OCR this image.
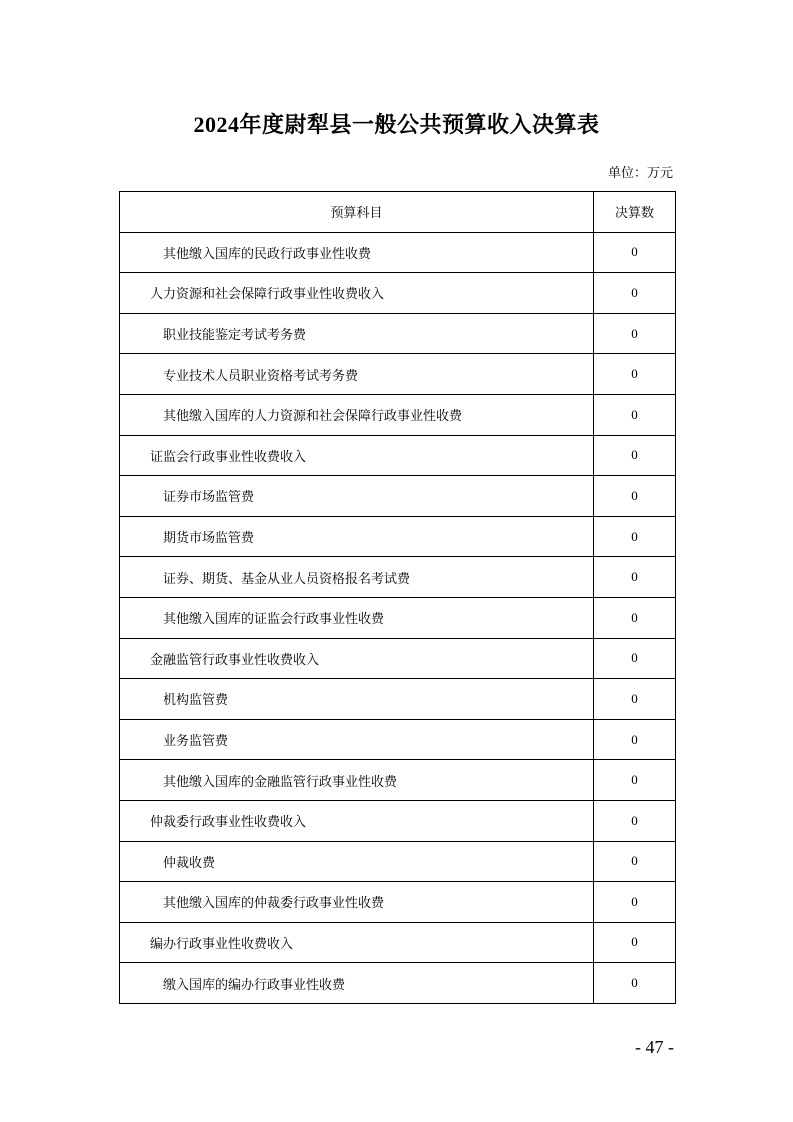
2024年度尉犁县一般公共预算收入决算表
单位：万元
预算科目	决算数
其他缴入国库的民政行政事业性收费	0
人力资源和社会保障行政事业性收费收入	0
职业技能鉴定考试考务费	0
专业技术人员职业资格考试考务费	0
其他缴入国库的人力资源和社会保障行政事业性收费	0
证监会行政事业性收费收入	0
证券市场监管费	0
期货市场监管费	0
证券、期货、基金从业人员资格报名考试费	0
其他缴入国库的证监会行政事业性收费	0
金融监管行政事业性收费收入	0
机构监管费	0
业务监管费	0
其他缴入国库的金融监管行政事业性收费	0
仲裁委行政事业性收费收入	0
仲裁收费	0
其他缴入国库的仲裁委行政事业性收费	0
编办行政事业性收费收入	0
缴入国库的编办行政事业性收费	0
- 47 -
